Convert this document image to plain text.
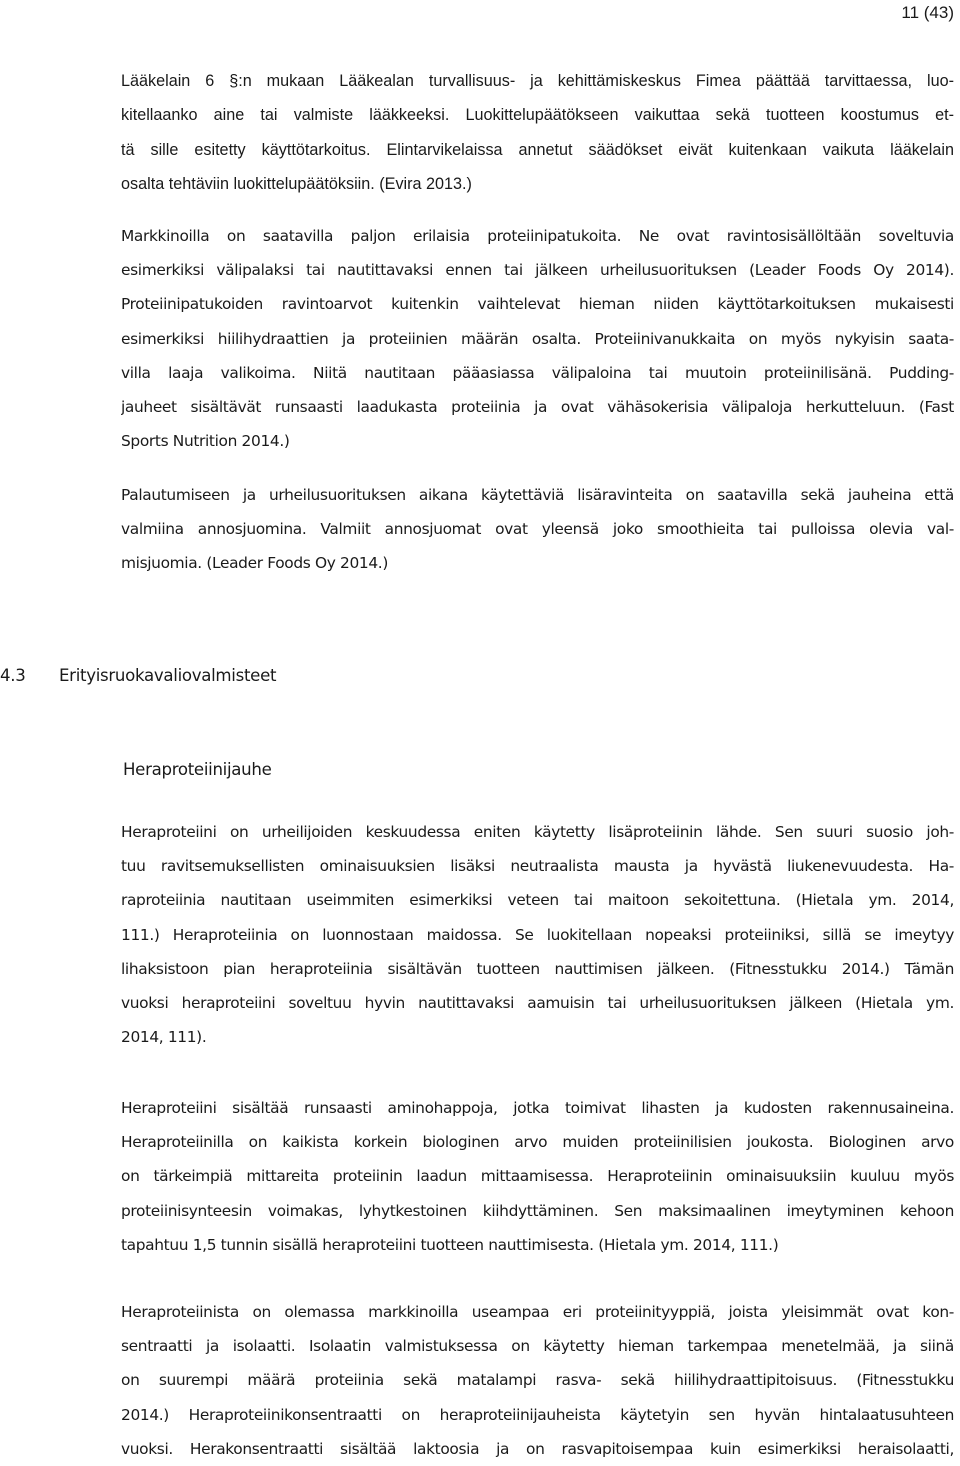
11 (43)

Lääkelain 6 §:n mukaan Lääkealan turvallisuus- ja kehittämiskeskus Fimea päättää tarvittaessa, luo-
kitellaanko aine tai valmiste lääkkeeksi. Luokittelupäätökseen vaikuttaa sekä tuotteen koostumus et-
tä sille esitetty käyttötarkoitus. Elintarvikelaissa annetut säädökset eivät kuitenkaan vaikuta lääkelain
osalta tehtäviin luokittelupäätöksiin. (Evira 2013.)

Markkinoilla on saatavilla paljon erilaisia proteiinipatukoita. Ne ovat ravintosisällöltään soveltuvia
esimerkiksi välipalaksi tai nautittavaksi ennen tai jälkeen urheilusuorituksen (Leader Foods Oy 2014).
Proteiinipatukoiden ravintoarvot kuitenkin vaihtelevat hieman niiden käyttötarkoituksen mukaisesti
esimerkiksi hiilihydraattien ja proteiinien määrän osalta. Proteiinivanukkaita on myös nykyisin saata-
villa laaja valikoima. Niitä nautitaan pääasiassa välipaloina tai muutoin proteiinilisänä. Pudding-
jauheet sisältävät runsaasti laadukasta proteiinia ja ovat vähäsokerisia välipaloja herkutteluun. (Fast
Sports Nutrition 2014.)

Palautumiseen ja urheilusuorituksen aikana käytettäviä lisäravinteita on saatavilla sekä jauheina että
valmiina annosjuomina. Valmiit annosjuomat ovat yleensä joko smoothieita tai pulloissa olevia val-
misjuomia. (Leader Foods Oy 2014.)

4.3 Erityisruokavaliovalmisteet
Heraproteiinijauhe

Heraproteiini on urheilijoiden keskuudessa eniten käytetty lisäproteiinin lähde. Sen suuri suosio joh-
tuu ravitsemuksellisten ominaisuuksien lisäksi neutraalista mausta ja hyvästä liukenevuudesta. Ha-
raproteiinia nautitaan useimmiten esimerkiksi veteen tai maitoon sekoitettuna. (Hietala ym. 2014,
111.) Heraproteiinia on luonnostaan maidossa. Se luokitellaan nopeaksi proteiiniksi, sillä se imeytyy
lihaksistoon pian heraproteiinia sisältävän tuotteen nauttimisen jälkeen. (Fitnesstukku 2014.) Tämän
vuoksi heraproteiini soveltuu hyvin nautittavaksi aamuisin tai urheilusuorituksen jälkeen (Hietala ym.
2014, 111).

Heraproteiini sisältää runsaasti aminohappoja, jotka toimivat lihasten ja kudosten rakennusaineina.
Heraproteiinilla on kaikista korkein biologinen arvo muiden proteiinilisien joukosta. Biologinen arvo
on tärkeimpiä mittareita proteiinin laadun mittaamisessa. Heraproteiinin ominaisuuksiin kuuluu myös
proteiinisynteesin voimakas, lyhytkestoinen kiihdyttäminen. Sen maksimaalinen imeytyminen kehoon
tapahtuu 1,5 tunnin sisällä heraproteiini tuotteen nauttimisesta. (Hietala ym. 2014, 111.)

Heraproteiinista on olemassa markkinoilla useampaa eri proteiinityyppiä, joista yleisimmät ovat kon-
sentraatti ja isolaatti. Isolaatin valmistuksessa on käytetty hieman tarkempaa menetelmää, ja siinä
on suurempi määrä proteiinia sekä matalampi rasva- sekä hiilihydraattipitoisuus. (Fitnesstukku
2014.) Heraproteiinikonsentraatti on heraproteiinijauheista käytetyin sen hyvän hintalaatusuhteen
vuoksi. Herakonsentraatti sisältää laktoosia ja on rasvapitoisempaa kuin esimerkiksi heraisolaatti,
